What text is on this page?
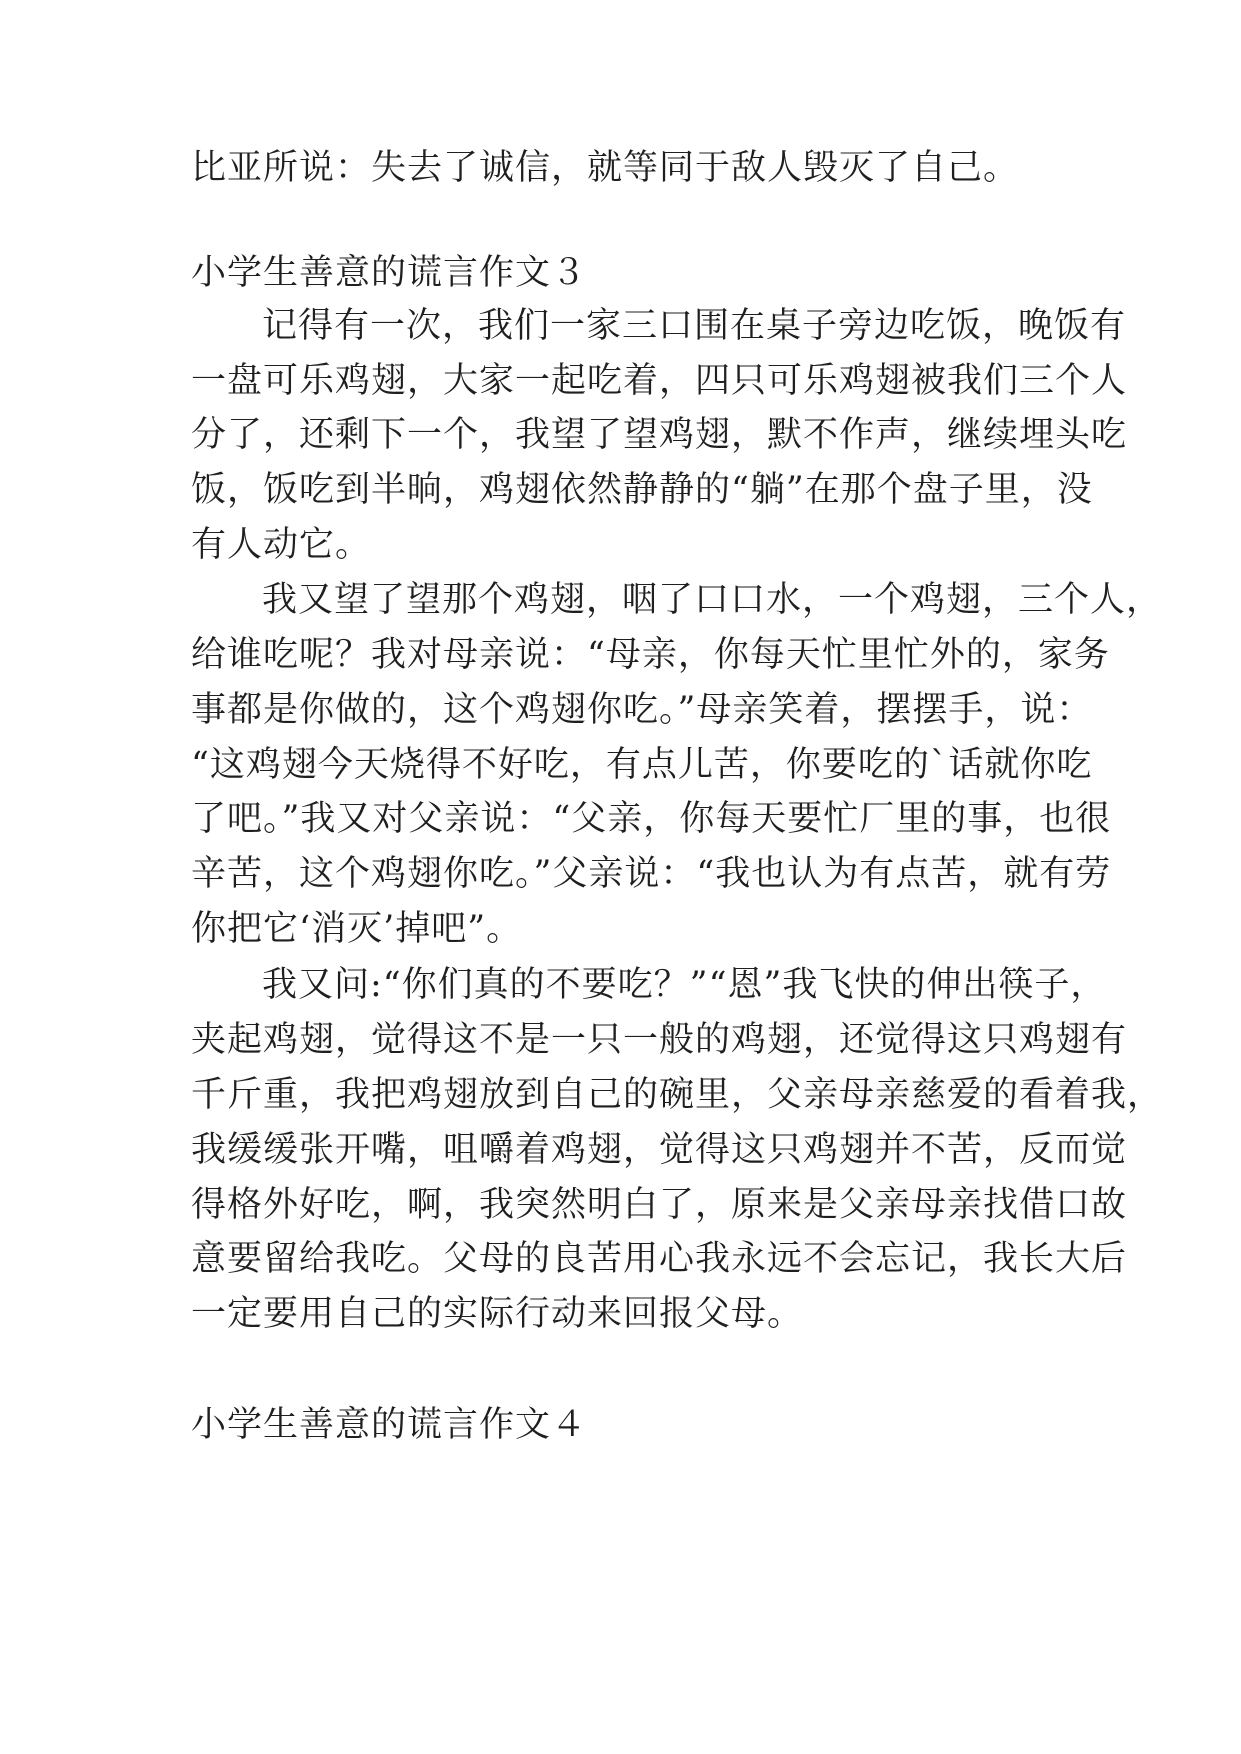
比亚所说：失去了诚信，就等同于敌人毁灭了自己。
小学生善意的谎言作文３
记得有一次，我们一家三口围在桌子旁边吃饭，晚饭有
一盘可乐鸡翅，大家一起吃着，四只可乐鸡翅被我们三个人
分了，还剩下一个，我望了望鸡翅，默不作声，继续埋头吃
饭，饭吃到半晌，鸡翅依然静静的“躺”在那个盘子里，没
有人动它。
我又望了望那个鸡翅，咽了口口水，一个鸡翅，三个人，
给谁吃呢？我对母亲说：“母亲，你每天忙里忙外的，家务
事都是你做的，这个鸡翅你吃。”母亲笑着，摆摆手，说：
“这鸡翅今天烧得不好吃，有点儿苦，你要吃的`话就你吃
了吧。”我又对父亲说：“父亲，你每天要忙厂里的事，也很
辛苦，这个鸡翅你吃。”父亲说：“我也认为有点苦，就有劳
你把它‘消灭’掉吧”。
我又问:“你们真的不要吃？”“恩”我飞快的伸出筷子，
夹起鸡翅，觉得这不是一只一般的鸡翅，还觉得这只鸡翅有
千斤重，我把鸡翅放到自己的碗里，父亲母亲慈爱的看着我，
我缓缓张开嘴，咀嚼着鸡翅，觉得这只鸡翅并不苦，反而觉
得格外好吃，啊，我突然明白了，原来是父亲母亲找借口故
意要留给我吃。父母的良苦用心我永远不会忘记，我长大后
一定要用自己的实际行动来回报父母。
小学生善意的谎言作文４
